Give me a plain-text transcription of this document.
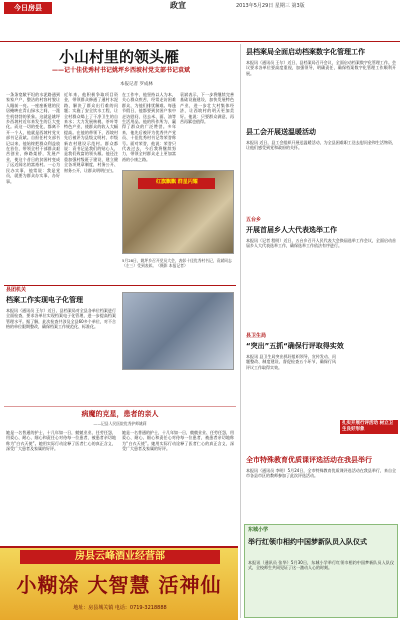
今日房县	政宣	2013年5月29日 星期三 第3版
小山村里的领头雁
——记十佳优秀村书记姚坪乡西坡村党支部书记袁斌
本报记者 罗成林
一条条宽敞平坦的水泥路通到家家户户，整洁的村容村貌让人眼前一亮。一座座新建的民居掩映在青山绿水之间，一派生机勃勃的景象。这就是姚坪乡西坡村近年来发生的巨大变化。而这一切的变化，都离不开一个人，他就是西坡村党支部书记袁斌。自担任村支部书记以来，他始终把群众利益放在首位，带领全村干部群众艰苦创业，修路架桥，发展产业，使这个昔日的贫困村变成了远近闻名的富裕村。一心为民办实事，他常说：我是党员，就要为群众办实事、办好事。
近年来，他积极争取项目资金，带领群众修通了通村水泥路，解决了群众出行难的问题；实施了安全饮水工程，让全村群众喝上了干净卫生的自来水；大力发展核桃、茶叶等特色产业，使群众的收入大幅提高。在他的带领下，西坡村先后被评为县级文明村、市级新农村建设示范村。群众都说：袁书记是我们的贴心人，是我们致富的领头雁。他还注重加强村级班子建设，建立健全各项规章制度，村务公开、财务公开，让群众明明白白。
在工作中，他坚持以人为本，关心群众疾苦，经常走访困难群众，为他们排忧解难。每逢节假日，他都要到贫困户家中走访慰问，送去米、面、油等生活用品。他的所作所为，赢得了群众的广泛赞誉。多年来，他先后被评为优秀共产党员、十佳优秀村书记等荣誉称号。面对荣誉，他说：荣誉只代表过去，今后我将继续努力，带领全村群众走上更加富裕的小康之路。
袁斌表示，下一步将继续完善基础设施建设，加快发展特色产业，进一步壮大村集体经济，让西坡村的明天更加美好。他说：只要群众满意，再苦再累也值得。
红旗飘飘 群星闪耀
5月28日，姚坪乡召开党员大会，表彰十佳优秀村书记，袁斌同志（左三）受到表彰。（摄影 本报记者）
县团机关
档案工作实现电子化管理
本报讯（通讯员 王尔）近日，县档案局对全县各单位档案进行全面检查，要求各单位实现档案电子化管理，进一步提高档案管理水平。据了解，此次检查共涉及全县60多个单位，对不合格的单位限期整改，确保档案工作规范化、标准化。
病魔的克星，患者的亲人
——记县人民医院优秀护师姚莉
她是一名普通的护士，十几年如一日，兢兢业业、任劳任怨，用爱心、耐心、细心和责任心对待每一位患者，被患者亲切地称为“白衣天使”。她用实际行动诠释了医者仁心的真正含义，深受广大患者及家属的好评。
她是一名普通的护士，十几年如一日，兢兢业业、任劳任怨，用爱心、耐心、细心和责任心对待每一位患者，被患者亲切地称为“白衣天使”。她用实际行动诠释了医者仁心的真正含义，深受广大患者及家属的好评。
房县云峰酒业经营部
小糊涂 大智慧 活神仙
地址：房县城关镇 电话：0719-3218888
县档案局全面启动档案数字化管理工作
本报讯（通讯员 王尔）近日，县档案局召开会议，全面启动档案数字化管理工作。会议要求各单位要高度重视，加强领导，明确责任，确保档案数字化管理工作顺利开展。
县工会开展送温暖活动
本报讯 近日，县工会组织开展送温暖活动，为全县困难职工送去慰问金和生活物资，让他们感受到党和政府的关怀。
五台乡
开展首届乡人大代表选举工作
本报讯（记者 程明）近日，五台乡召开人民代表大会换届选举工作会议，全面启动首届乡人大代表选举工作，确保选举工作依法有序进行。
县卫生局
“突出”五抓“确保行评取得实效
本报讯 县卫生局突出抓好组织领导、宣传发动、问题整改、制度建设、督促检查五个环节，确保行风评议工作取得实效。
扎实开展行评活动 树立卫生良好形象
全市特殊教育优质课评选活动在我县举行
本报讯（通讯员 李明）5月24日，全市特殊教育优质课评选活动在我县举行，来自全市各县市区的教师参加了此次评选活动。
东城小学
举行红领巾相约中国梦新队员入队仪式
本报讯（通讯员 张华）5月30日，东城小学举行红领巾相约中国梦新队员入队仪式，全校师生共同见证了这一激动人心的时刻。
